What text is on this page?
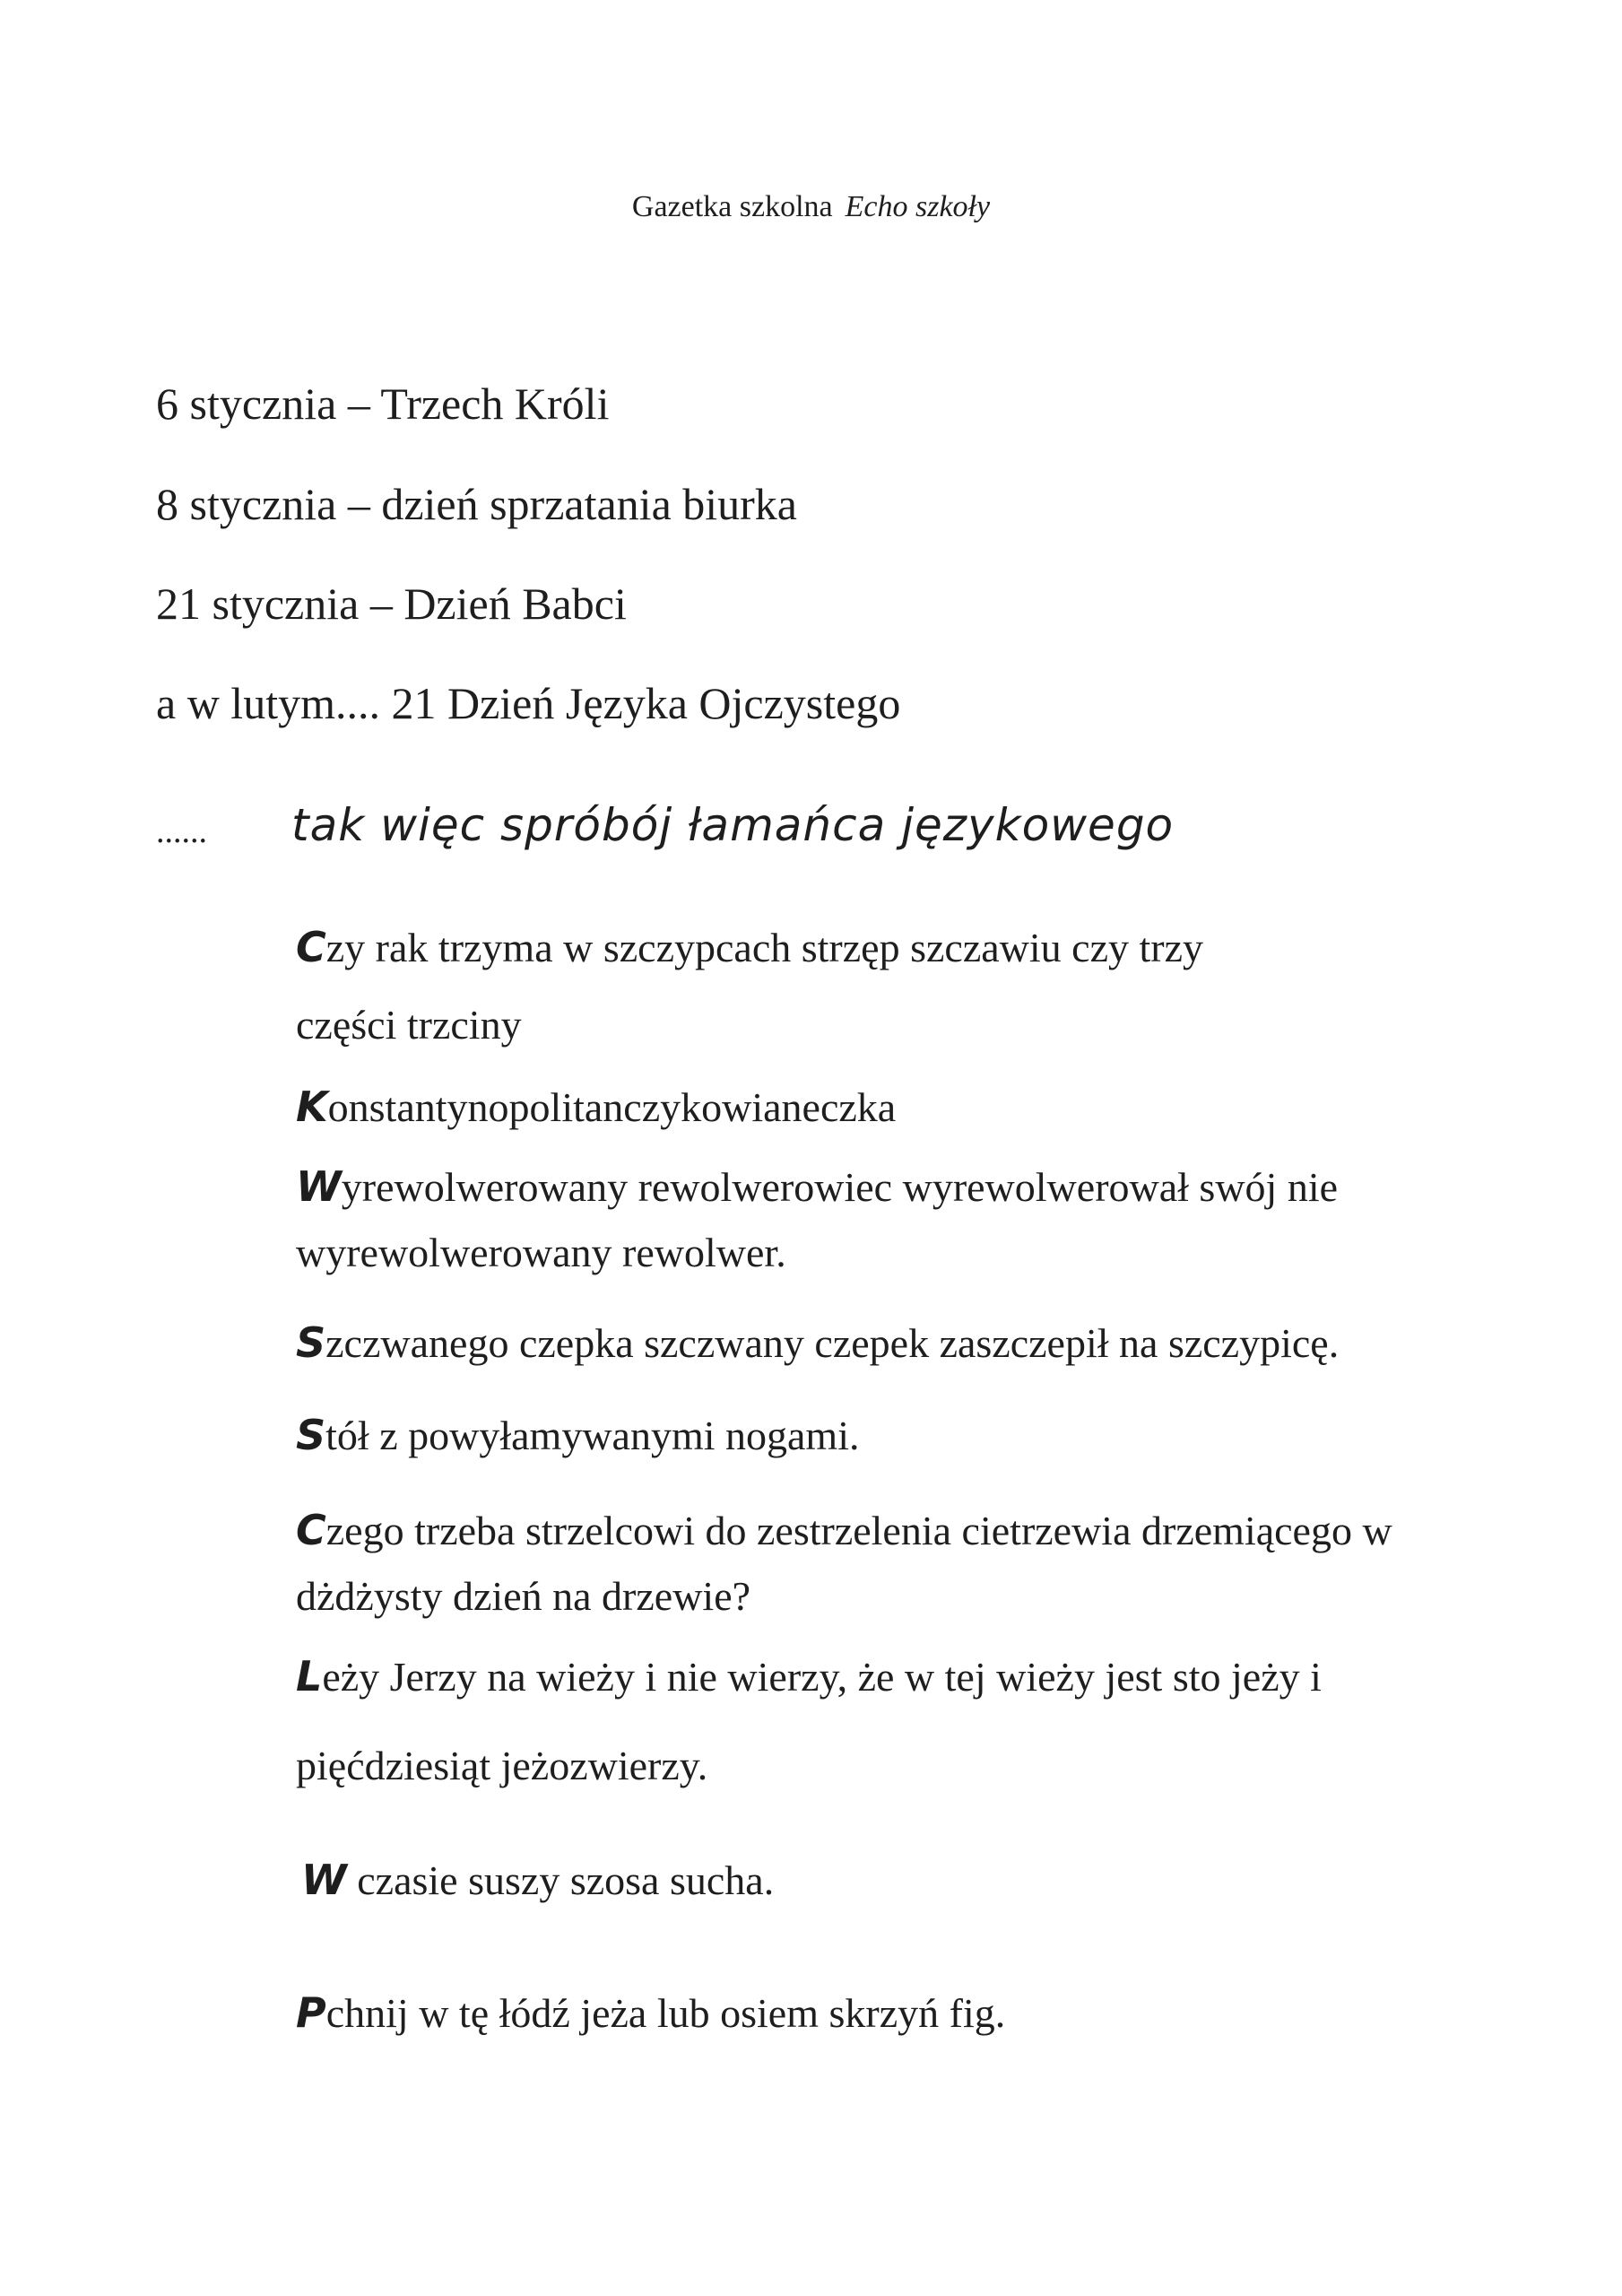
Gazetka szkolna Echo szkoły
6 stycznia – Trzech Króli
8 stycznia – dzień sprzatania biurka
21 stycznia – Dzień Babci
a w lutym.... 21 Dzień Języka Ojczystego
...... tak więc spróbój łamańca językowego
Czy rak trzyma w szczypcach strzęp szczawiu czy trzy
części trzciny
Konstantynopolitanczykowianeczka
Wyrewolwerowany rewolwerowiec wyrewolwerował swój nie
wyrewolwerowany rewolwer.
Szczwanego czepka szczwany czepek zaszczepił na szczypicę.
Stół z powyłamywanymi nogami.
Czego trzeba strzelcowi do zestrzelenia cietrzewia drzemiącego w
dżdżysty dzień na drzewie?
Leży Jerzy na wieży i nie wierzy, że w tej wieży jest sto jeży i
pięćdziesiąt jeżozwierzy.
W czasie suszy szosa sucha.
Pchnij w tę łódź jeża lub osiem skrzyń fig.
